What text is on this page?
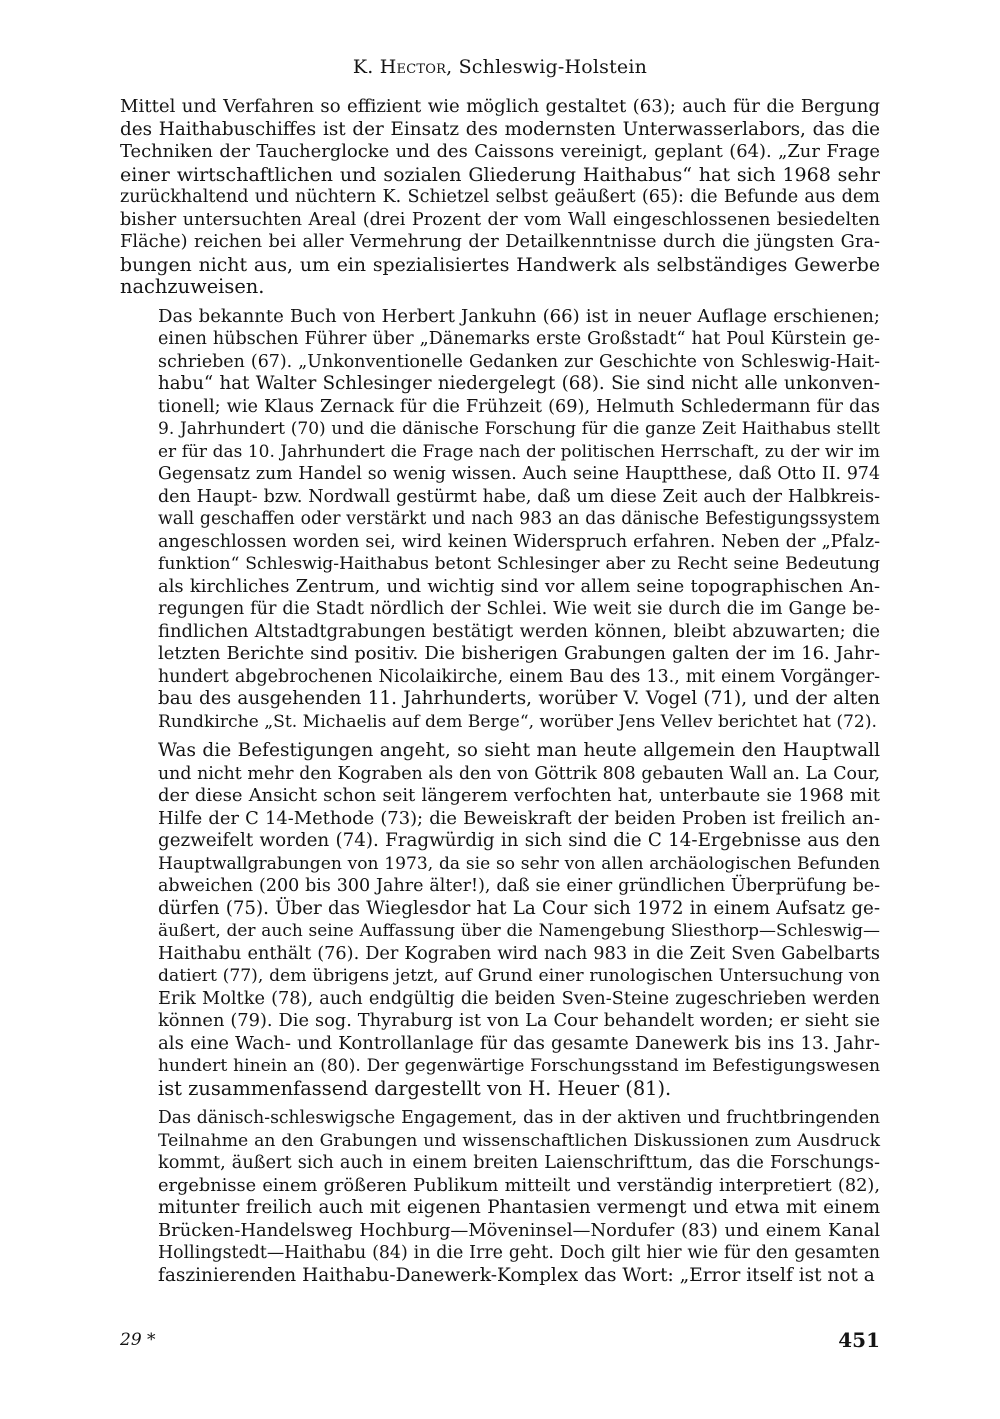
K. Hector, Schleswig-Holstein
Mittel und Verfahren so effizient wie möglich gestaltet (63); auch für die Bergung
des Haithabuschiffes ist der Einsatz des modernsten Unterwasserlabors, das die
Techniken der Taucherglocke und des Caissons vereinigt, geplant (64). „Zur Frage
einer wirtschaftlichen und sozialen Gliederung Haithabus“ hat sich 1968 sehr
zurückhaltend und nüchtern K. Schietzel selbst geäußert (65): die Befunde aus dem
bisher untersuchten Areal (drei Prozent der vom Wall eingeschlossenen besiedelten
Fläche) reichen bei aller Vermehrung der Detailkenntnisse durch die jüngsten Gra-
bungen nicht aus, um ein spezialisiertes Handwerk als selbständiges Gewerbe
nachzuweisen.
Das bekannte Buch von Herbert Jankuhn (66) ist in neuer Auflage erschienen;
einen hübschen Führer über „Dänemarks erste Großstadt“ hat Poul Kürstein ge-
schrieben (67). „Unkonventionelle Gedanken zur Geschichte von Schleswig-Hait-
habu“ hat Walter Schlesinger niedergelegt (68). Sie sind nicht alle unkonven-
tionell; wie Klaus Zernack für die Frühzeit (69), Helmuth Schledermann für das
9. Jahrhundert (70) und die dänische Forschung für die ganze Zeit Haithabus stellt
er für das 10. Jahrhundert die Frage nach der politischen Herrschaft, zu der wir im
Gegensatz zum Handel so wenig wissen. Auch seine Hauptthese, daß Otto II. 974
den Haupt- bzw. Nordwall gestürmt habe, daß um diese Zeit auch der Halbkreis-
wall geschaffen oder verstärkt und nach 983 an das dänische Befestigungssystem
angeschlossen worden sei, wird keinen Widerspruch erfahren. Neben der „Pfalz-
funktion“ Schleswig-Haithabus betont Schlesinger aber zu Recht seine Bedeutung
als kirchliches Zentrum, und wichtig sind vor allem seine topographischen An-
regungen für die Stadt nördlich der Schlei. Wie weit sie durch die im Gange be-
findlichen Altstadtgrabungen bestätigt werden können, bleibt abzuwarten; die
letzten Berichte sind positiv. Die bisherigen Grabungen galten der im 16. Jahr-
hundert abgebrochenen Nicolaikirche, einem Bau des 13., mit einem Vorgänger-
bau des ausgehenden 11. Jahrhunderts, worüber V. Vogel (71), und der alten
Rundkirche „St. Michaelis auf dem Berge“, worüber Jens Vellev berichtet hat (72).
Was die Befestigungen angeht, so sieht man heute allgemein den Hauptwall
und nicht mehr den Kograben als den von Göttrik 808 gebauten Wall an. La Cour,
der diese Ansicht schon seit längerem verfochten hat, unterbaute sie 1968 mit
Hilfe der C 14-Methode (73); die Beweiskraft der beiden Proben ist freilich an-
gezweifelt worden (74). Fragwürdig in sich sind die C 14-Ergebnisse aus den
Hauptwallgrabungen von 1973, da sie so sehr von allen archäologischen Befunden
abweichen (200 bis 300 Jahre älter!), daß sie einer gründlichen Überprüfung be-
dürfen (75). Über das Wieglesdor hat La Cour sich 1972 in einem Aufsatz ge-
äußert, der auch seine Auffassung über die Namengebung Sliesthorp—Schleswig—
Haithabu enthält (76). Der Kograben wird nach 983 in die Zeit Sven Gabelbarts
datiert (77), dem übrigens jetzt, auf Grund einer runologischen Untersuchung von
Erik Moltke (78), auch endgültig die beiden Sven-Steine zugeschrieben werden
können (79). Die sog. Thyraburg ist von La Cour behandelt worden; er sieht sie
als eine Wach- und Kontrollanlage für das gesamte Danewerk bis ins 13. Jahr-
hundert hinein an (80). Der gegenwärtige Forschungsstand im Befestigungswesen
ist zusammenfassend dargestellt von H. Heuer (81).
Das dänisch-schleswigsche Engagement, das in der aktiven und fruchtbringenden
Teilnahme an den Grabungen und wissenschaftlichen Diskussionen zum Ausdruck
kommt, äußert sich auch in einem breiten Laienschrifttum, das die Forschungs-
ergebnisse einem größeren Publikum mitteilt und verständig interpretiert (82),
mitunter freilich auch mit eigenen Phantasien vermengt und etwa mit einem
Brücken-Handelsweg Hochburg—Möveninsel—Nordufer (83) und einem Kanal
Hollingstedt—Haithabu (84) in die Irre geht. Doch gilt hier wie für den gesamten
faszinierenden Haithabu-Danewerk-Komplex das Wort: „Error itself ist not a
29 *	451
